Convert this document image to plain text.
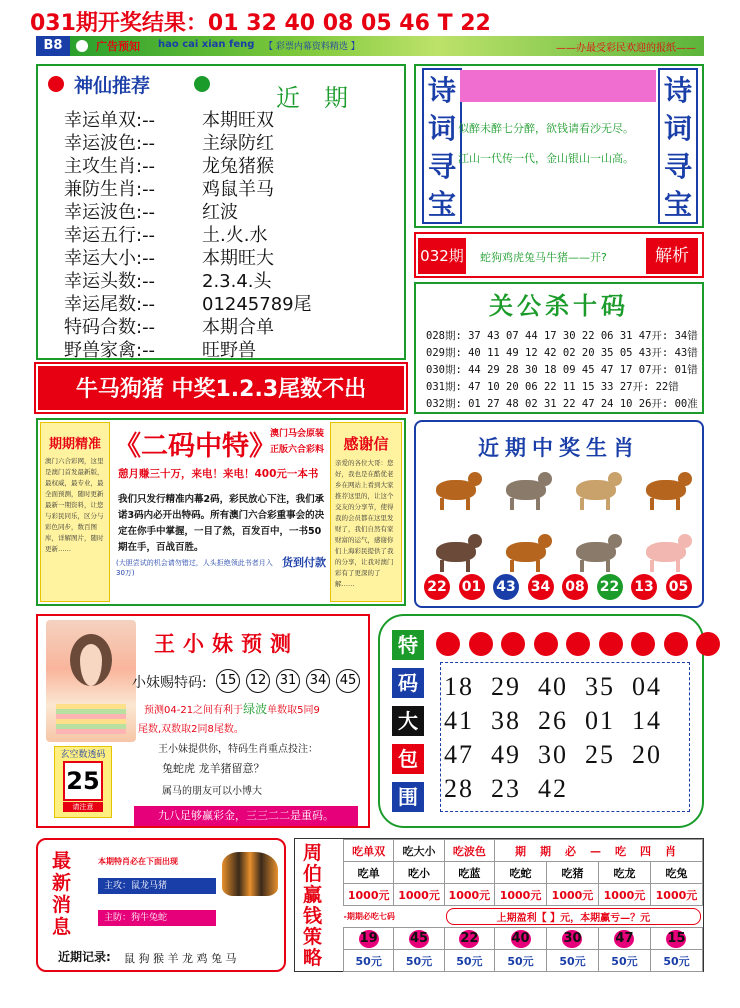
031期开奖结果：01 32 40 08 05 46 T 22
B8	广告预知 hao cai xian feng 【 彩票内幕资料精选 】	——办最受彩民欢迎的报纸——
神仙推荐	近　期
幸运单双:--	本期旺双
幸运波色:--	主绿防红
主攻生肖:--	龙兔猪猴
兼防生肖:--	鸡鼠羊马
幸运波色:--	红波
幸运五行:--	土.火.水
幸运大小:--	本期旺大
幸运头数:--	2.3.4.头
幸运尾数:--	01245789尾
特码合数:--	本期合单
野兽家禽:--	旺野兽
牛马狗猪 中奖1.2.3尾数不出
诗
词
寻
宝
似醉未醉七分醉，欲钱请看沙无尽。
江山一代传一代，金山银山一山高。
诗
词
寻
宝
032期 蛇狗鸡虎兔马牛猪——开?	解析
关公杀十码
028期: 37 43 07 44 17 30 22 06 31 47开: 34错
029期: 40 11 49 12 42 02 20 35 05 43开: 43错
030期: 44 29 28 30 18 09 45 47 17 07开: 01错
031期: 47 10 20 06 22 11 15 33 27开: 22错
032期: 01 27 48 02 31 22 47 24 10 26开: 00准
期期精准
澳门六合彩网，这里是澳门首发最新版，最权威，最专业，最全面预测，随时更新最新一期资料，让您与彩民同乐，区分与彩色同步，数百图库，详解图片，随时更新……
《二码中特》
澳门马会原装
正版六合彩料
憩月赚三十万，来电！来电！400元一本书
我们只发行精准内幕2码，彩民放心下注，我们承诺3码内必开出特码。所有澳门六合彩重事会的决定在你手中掌握，一目了然，百发百中，一书50期在手，百战百胜。
(大胆尝试的机会请勿错过，人头拒绝领此书者月入30万)
货到付款
感谢信
亲爱的各位大哥：您好，我也是在酷优老乡在网站上看到大家推荐这里的，让这个交友的分享节，使得我的会员都在这里发财了，我们自然有家财富的运气，感谢你们上海彩民提供了我的分享，让我对澳门彩有了更深的了解……
近期中奖生肖
22 01 43 34 08 22 13 05
王小妹预测
小妹赐特码: 15 12 31 34 45
预测04-21之间有利于绿波单数取5同9
尾数,双数取2同8尾数。
王小妹提供你，特码生肖重点投注：
兔蛇虎 龙羊猪留意？
属马的朋友可以小博大
玄空数透码
25
请注意
九八足够赢彩金，三三二二是重码。
特
码
大
包
围
18  29  40  35  04
41  38  26  01  14
47  49  30  25  20
28  23  42
最
新
消
息
本期特肖必在下面出现
主攻：鼠龙马猪
主防：狗牛兔蛇
近期记录: 鼠 狗 猴 羊 龙 鸡 兔 马
周
伯
赢
钱
策
略
吃单双	吃大小	吃波色	期 期 必 — 吃 四 肖			
吃单	吃小	吃蓝	吃蛇	吃猪	吃龙	吃兔
1000元	1000元	1000元	1000元	1000元	1000元	1000元
-期期必吃七码		上期盈利【 】元，本期赢亏—？元				

19	45	22	40	30	47	15
50元	50元	50元	50元	50元	50元	50元
